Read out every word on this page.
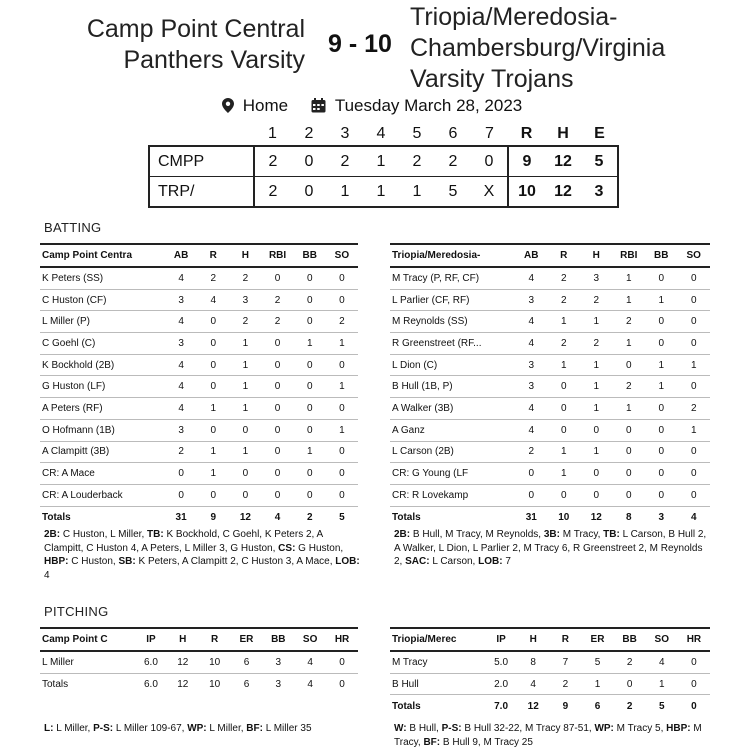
Camp Point Central
Panthers Varsity
9 - 10
Triopia/Meredosia-
Chambersburg/Virginia
Varsity Trojans
Home	Tuesday March 28, 2023
	1	2	3	4	5	6	7	R	H	E
CMPP	2	0	2	1	2	2	0	9	12	5
TRP/	2	0	1	1	1	5	X	10	12	3
BATTING
PITCHING
Camp Point Centra	AB	R	H	RBI	BB	SO
K Peters (SS)	4	2	2	0	0	0
C Huston (CF)	3	4	3	2	0	0
L Miller (P)	4	0	2	2	0	2
C Goehl (C)	3	0	1	0	1	1
K Bockhold (2B)	4	0	1	0	0	0
G Huston (LF)	4	0	1	0	0	1
A Peters (RF)	4	1	1	0	0	0
O Hofmann (1B)	3	0	0	0	0	1
A Clampitt (3B)	2	1	1	0	1	0
CR: A Mace	0	1	0	0	0	0
CR: A Louderback	0	0	0	0	0	0
Totals	31	9	12	4	2	5
Triopia/Meredosia-	AB	R	H	RBI	BB	SO
M Tracy (P, RF, CF)	4	2	3	1	0	0
L Parlier (CF, RF)	3	2	2	1	1	0
M Reynolds (SS)	4	1	1	2	0	0
R Greenstreet (RF...	4	2	2	1	0	0
L Dion (C)	3	1	1	0	1	1
B Hull (1B, P)	3	0	1	2	1	0
A Walker (3B)	4	0	1	1	0	2
A Ganz	4	0	0	0	0	1
L Carson (2B)	2	1	1	0	0	0
CR: G Young (LF	0	1	0	0	0	0
CR: R Lovekamp	0	0	0	0	0	0
Totals	31	10	12	8	3	4
2B: C Huston, L Miller, TB: K Bockhold, C Goehl, K Peters 2, A Clampitt, C Huston 4, A Peters, L Miller 3, G Huston, CS: G Huston, HBP: C Huston, SB: K Peters, A Clampitt 2, C Huston 3, A Mace, LOB: 4
2B: B Hull, M Tracy, M Reynolds, 3B: M Tracy, TB: L Carson, B Hull 2, A Walker, L Dion, L Parlier 2, M Tracy 6, R Greenstreet 2, M Reynolds 2, SAC: L Carson, LOB: 7
Camp Point C	IP	H	R	ER	BB	SO	HR
L Miller	6.0	12	10	6	3	4	0
Totals	6.0	12	10	6	3	4	0
Triopia/Merec	IP	H	R	ER	BB	SO	HR
M Tracy	5.0	8	7	5	2	4	0
B Hull	2.0	4	2	1	0	1	0
Totals	7.0	12	9	6	2	5	0
L: L Miller, P-S: L Miller 109-67, WP: L Miller, BF: L Miller 35	W: B Hull, P-S: B Hull 32-22, M Tracy 87-51, WP: M Tracy 5, HBP: M Tracy, BF: B Hull 9, M Tracy 25
